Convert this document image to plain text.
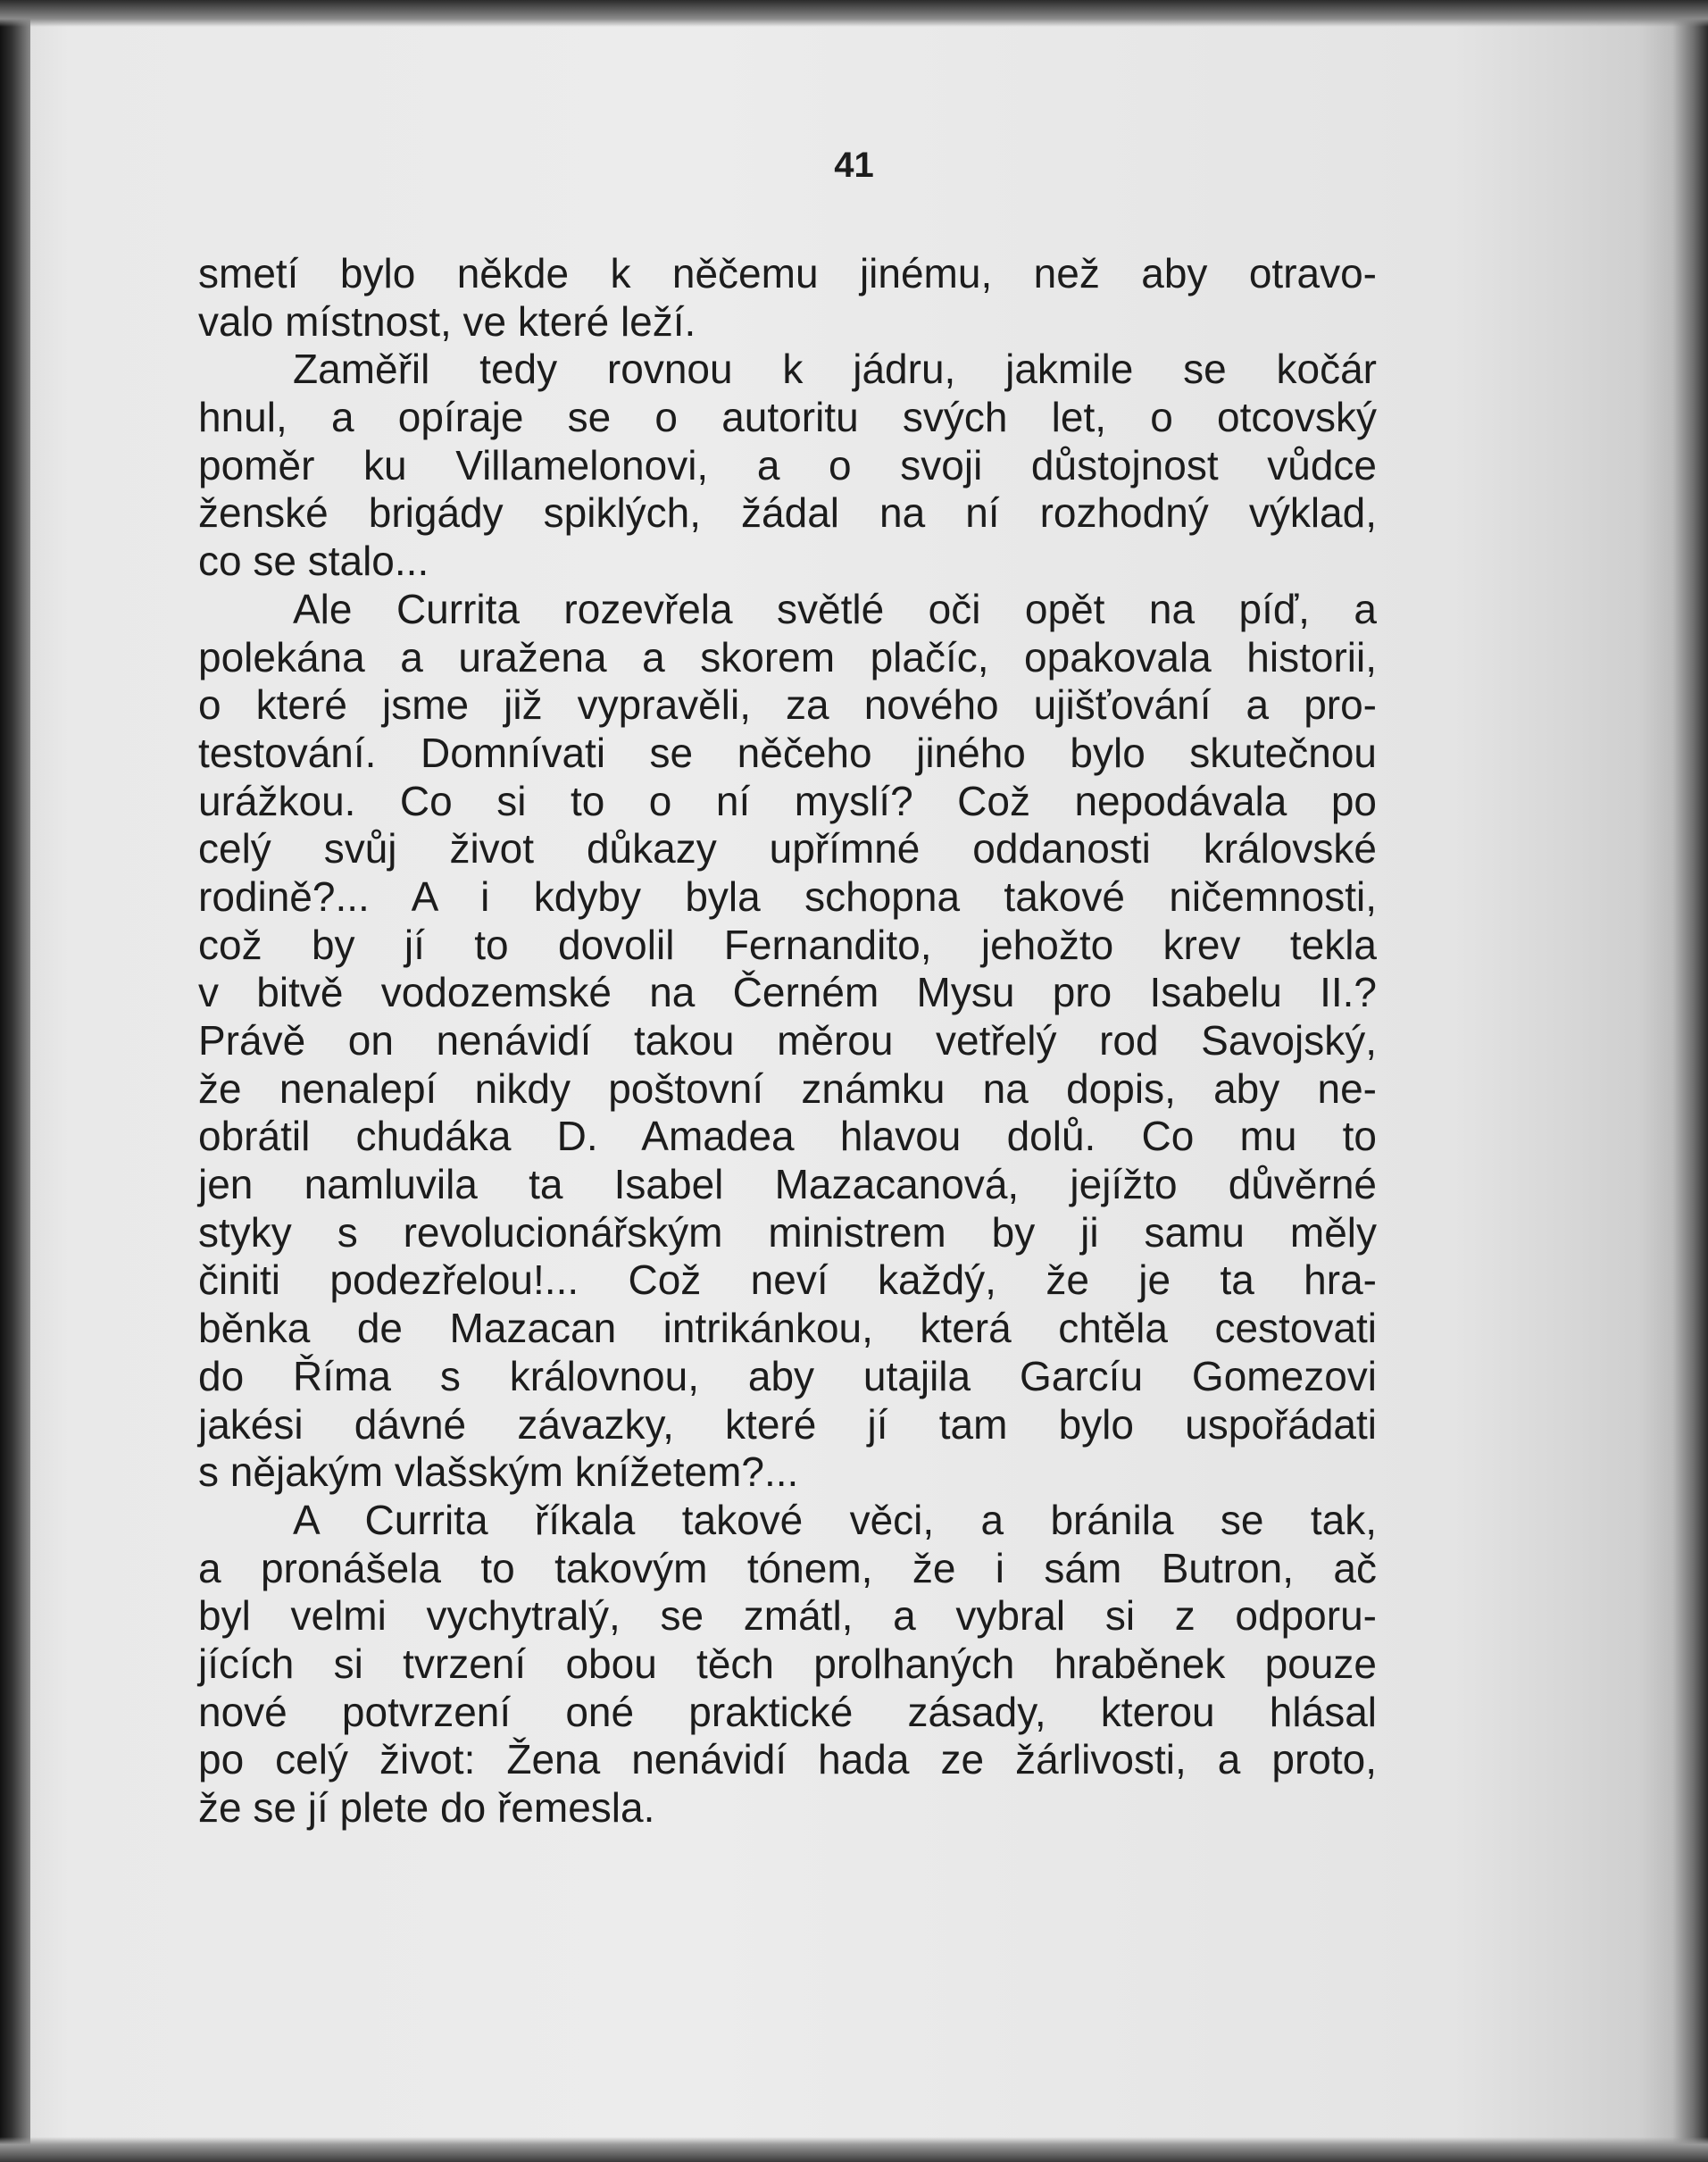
41
smetí bylo někde k něčemu jinému, než aby otravo-
valo místnost, ve které leží.
Zaměřil tedy rovnou k jádru, jakmile se kočár
hnul, a opíraje se o autoritu svých let, o otcovský
poměr ku Villamelonovi, a o svoji důstojnost vůdce
ženské brigády spiklých, žádal na ní rozhodný výklad,
co se stalo...
Ale Currita rozevřela světlé oči opět na píď, a
polekána a uražena a skorem plačíc, opakovala historii,
o které jsme již vypravěli, za nového ujišťování a pro-
testování. Domnívati se něčeho jiného bylo skutečnou
urážkou. Co si to o ní myslí? Což nepodávala po
celý svůj život důkazy upřímné oddanosti královské
rodině?... A i kdyby byla schopna takové ničemnosti,
což by jí to dovolil Fernandito, jehožto krev tekla
v bitvě vodozemské na Černém Mysu pro Isabelu II.?
Právě on nenávidí takou měrou vetřelý rod Savojský,
že nenalepí nikdy poštovní známku na dopis, aby ne-
obrátil chudáka D. Amadea hlavou dolů. Co mu to
jen namluvila ta Isabel Mazacanová, jejížto důvěrné
styky s revolucionářským ministrem by ji samu měly
činiti podezřelou!... Což neví každý, že je ta hra-
běnka de Mazacan intrikánkou, která chtěla cestovati
do Říma s královnou, aby utajila Garcíu Gomezovi
jakési dávné závazky, které jí tam bylo uspořádati
s nějakým vlašským knížetem?...
A Currita říkala takové věci, a bránila se tak,
a pronášela to takovým tónem, že i sám Butron, ač
byl velmi vychytralý, se zmátl, a vybral si z odporu-
jících si tvrzení obou těch prolhaných hraběnek pouze
nové potvrzení oné praktické zásady, kterou hlásal
po celý život: Žena nenávidí hada ze žárlivosti, a proto,
že se jí plete do řemesla.
